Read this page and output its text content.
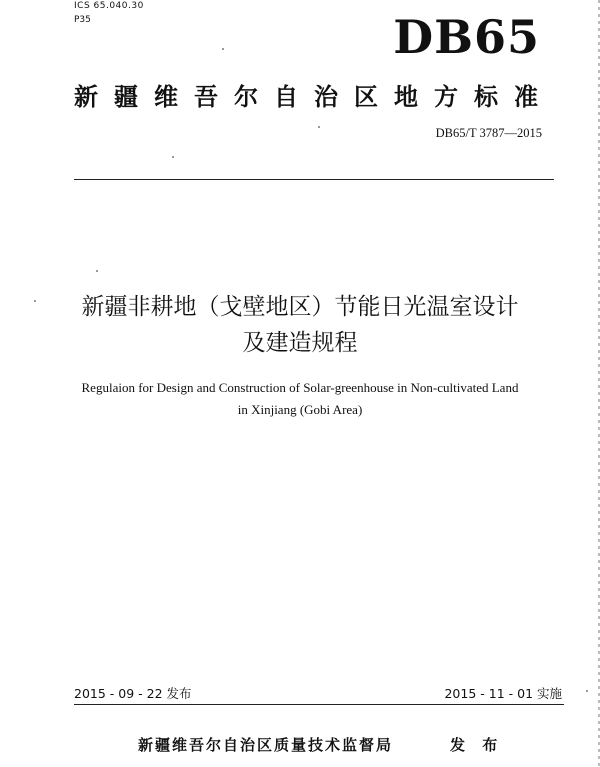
ICS 65.040.30
P35	DB65
新疆维吾尔自治区地方标准
DB65/T 3787—2015
新疆非耕地（戈壁地区）节能日光温室设计
及建造规程
Regulaion for Design and Construction of Solar-greenhouse in Non-cultivated Land
in Xinjiang (Gobi Area)
2015 - 09 - 22 发布	2015 - 11 - 01 实施
新疆维吾尔自治区质量技术监督局	发 布
